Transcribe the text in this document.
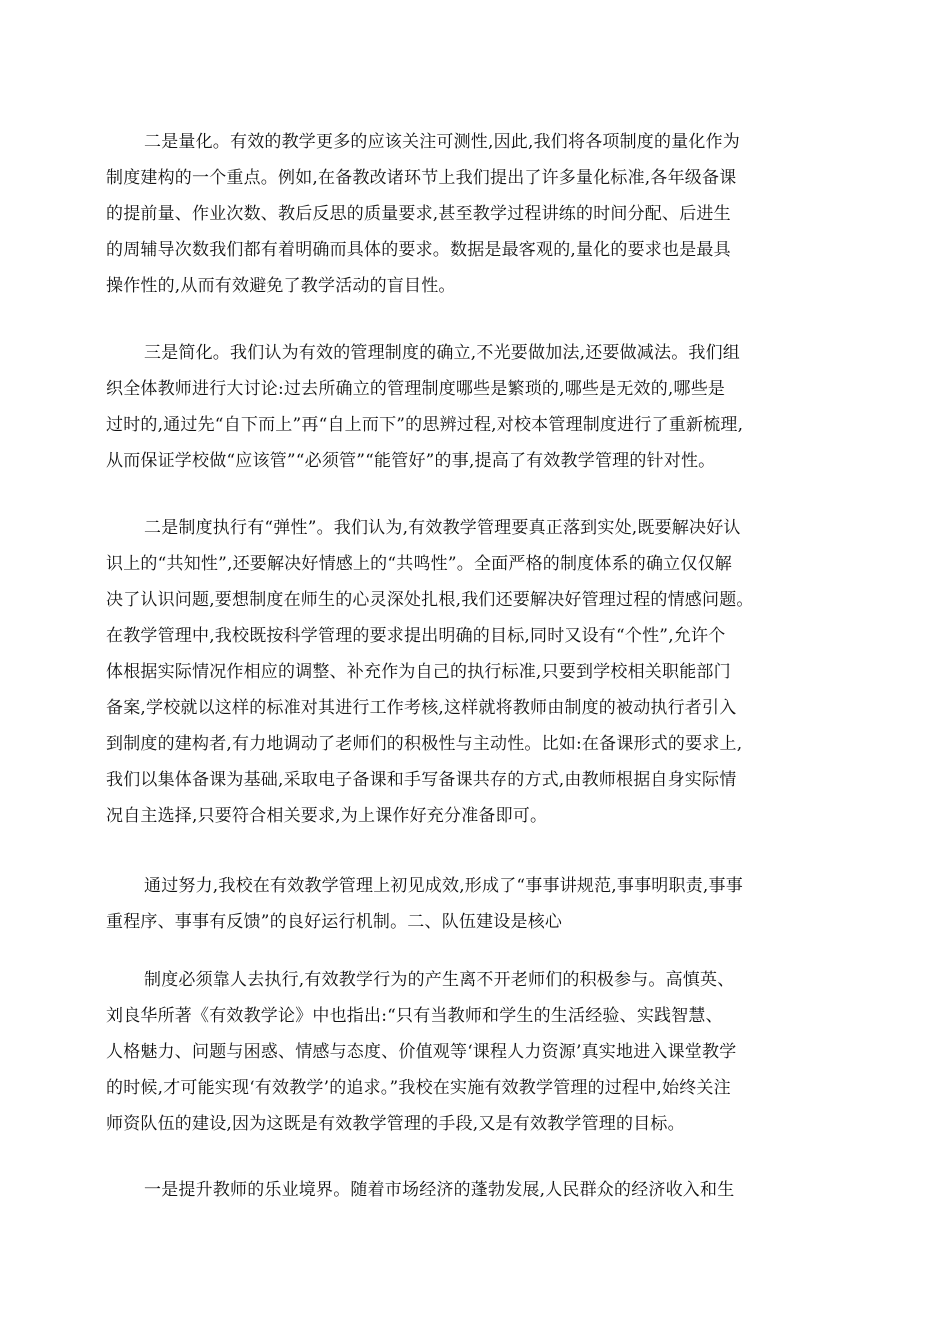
二是量化。有效的教学更多的应该关注可测性,因此,我们将各项制度的量化作为
制度建构的一个重点。例如,在备教改诸环节上我们提出了许多量化标准,各年级备课
的提前量、作业次数、教后反思的质量要求,甚至教学过程讲练的时间分配、后进生
的周辅导次数我们都有着明确而具体的要求。数据是最客观的,量化的要求也是最具
操作性的,从而有效避免了教学活动的盲目性。
三是简化。我们认为有效的管理制度的确立,不光要做加法,还要做减法。我们组
织全体教师进行大讨论:过去所确立的管理制度哪些是繁琐的,哪些是无效的,哪些是
过时的,通过先“自下而上”再“自上而下”的思辨过程,对校本管理制度进行了重新梳理,
从而保证学校做“应该管”“必须管”“能管好”的事,提高了有效教学管理的针对性。
二是制度执行有“弹性”。我们认为,有效教学管理要真正落到实处,既要解决好认
识上的“共知性”,还要解决好情感上的“共鸣性”。全面严格的制度体系的确立仅仅解
决了认识问题,要想制度在师生的心灵深处扎根,我们还要解决好管理过程的情感问题。
在教学管理中,我校既按科学管理的要求提出明确的目标,同时又设有“个性”,允许个
体根据实际情况作相应的调整、补充作为自己的执行标准,只要到学校相关职能部门
备案,学校就以这样的标准对其进行工作考核,这样就将教师由制度的被动执行者引入
到制度的建构者,有力地调动了老师们的积极性与主动性。比如:在备课形式的要求上,
我们以集体备课为基础,采取电子备课和手写备课共存的方式,由教师根据自身实际情
况自主选择,只要符合相关要求,为上课作好充分准备即可。
通过努力,我校在有效教学管理上初见成效,形成了“事事讲规范,事事明职责,事事
重程序、事事有反馈”的良好运行机制。二、队伍建设是核心
制度必须靠人去执行,有效教学行为的产生离不开老师们的积极参与。高慎英、
刘良华所著《有效教学论》中也指出:“只有当教师和学生的生活经验、实践智慧、
人格魅力、问题与困惑、情感与态度、价值观等‘课程人力资源’真实地进入课堂教学
的时候,才可能实现‘有效教学’的追求。”我校在实施有效教学管理的过程中,始终关注
师资队伍的建设,因为这既是有效教学管理的手段,又是有效教学管理的目标。
一是提升教师的乐业境界。随着市场经济的蓬勃发展,人民群众的经济收入和生
